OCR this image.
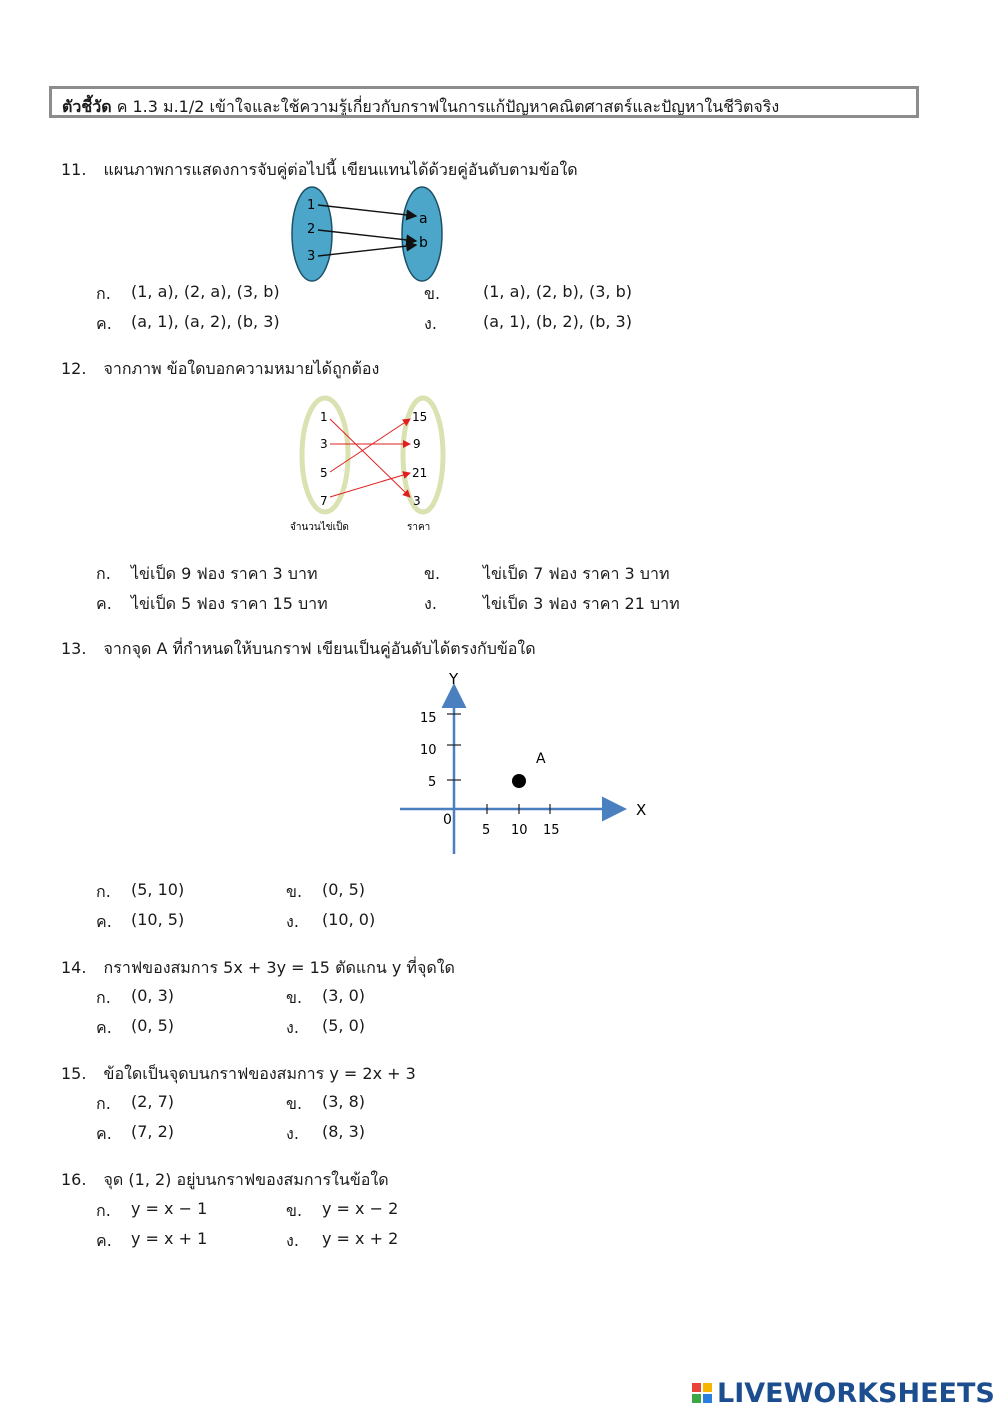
ตัวชี้วัด ค 1.3 ม.1/2 เข้าใจและใช้ความรู้เกี่ยวกับกราฟในการแก้ปัญหาคณิตศาสตร์และปัญหาในชีวิตจริง
11. แผนภาพการแสดงการจับคู่ต่อไปนี้ เขียนแทนได้ด้วยคู่อันดับตามข้อใด
1
2
3
a
b
ก. (1, a), (2, a), (3, b)	ข.	(1, a), (2, b), (3, b)
ค. (a, 1), (a, 2), (b, 3)	ง.	(a, 1), (b, 2), (b, 3)
12. จากภาพ ข้อใดบอกความหมายได้ถูกต้อง
1
3
5
7
15
9
21
3
จำนวนไข่เป็ด	ราคา
ก. ไข่เป็ด 9 ฟอง ราคา 3 บาท	ข.	ไข่เป็ด 7 ฟอง ราคา 3 บาท
ค. ไข่เป็ด 5 ฟอง ราคา 15 บาท	ง.	ไข่เป็ด 3 ฟอง ราคา 21 บาท
13. จากจุด A ที่กำหนดให้บนกราฟ เขียนเป็นคู่อันดับได้ตรงกับข้อใด
0
5 10 15
5
10
15
X
Y
A
ก. (5, 10)	ข. (0, 5)
ค. (10, 5)	ง. (10, 0)
14. กราฟของสมการ 5x + 3y = 15 ตัดแกน y ที่จุดใด
ก. (0, 3)	ข. (3, 0)
ค. (0, 5)	ง. (5, 0)
15. ข้อใดเป็นจุดบนกราฟของสมการ y = 2x + 3
ก. (2, 7)	ข. (3, 8)
ค. (7, 2)	ง. (8, 3)
16. จุด (1, 2) อยู่บนกราฟของสมการในข้อใด
ก. y = x − 1	ข. y = x − 2
ค. y = x + 1	ง. y = x + 2
LIVEWORKSHEETS
